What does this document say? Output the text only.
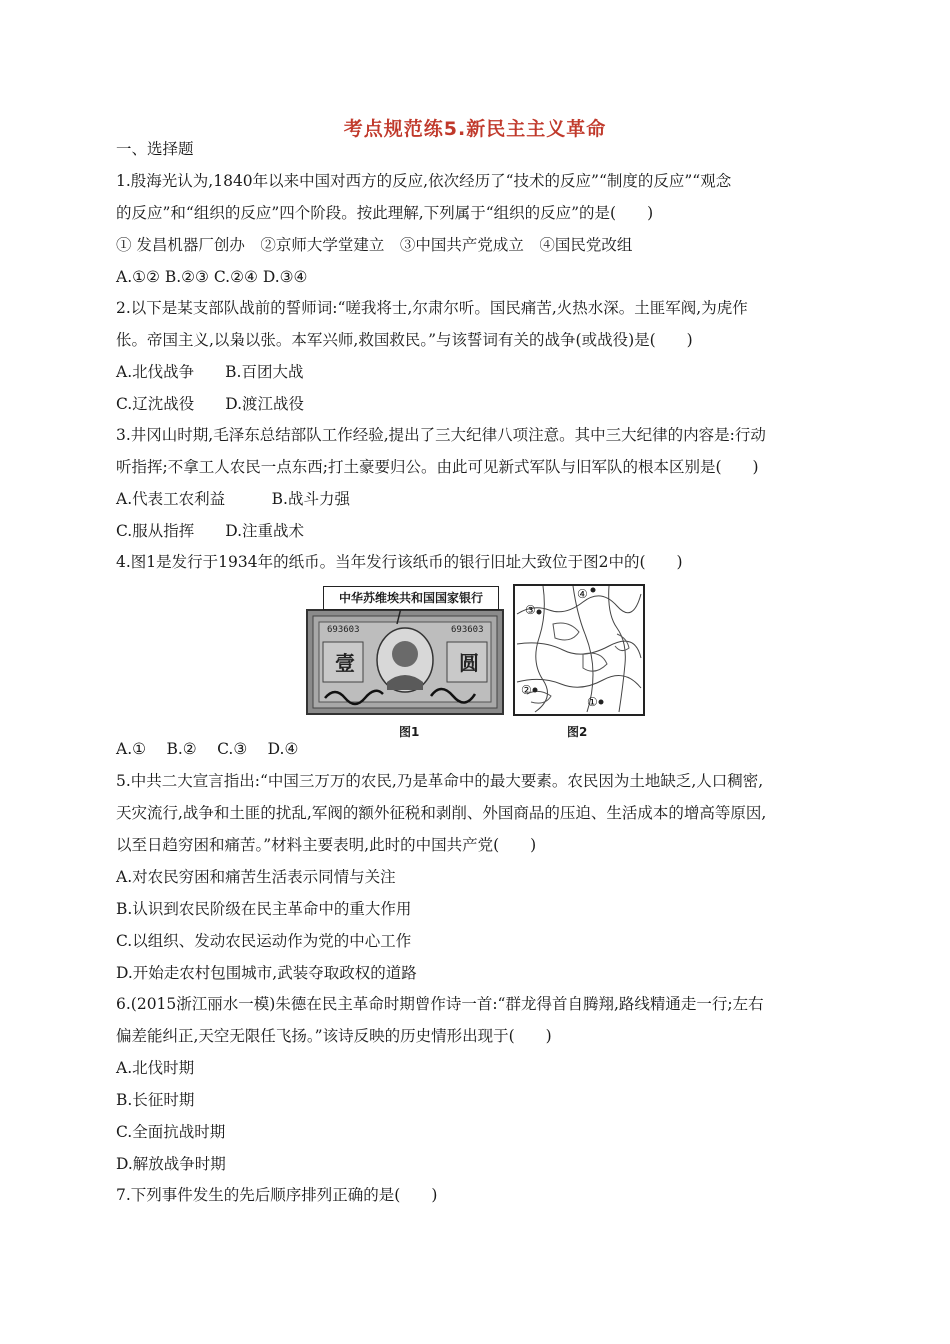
考点规范练5.新民主主义革命
一、选择题
1.殷海光认为,1840年以来中国对西方的反应,依次经历了“技术的反应”“制度的反应”“观念
的反应”和“组织的反应”四个阶段。按此理解,下列属于“组织的反应”的是(　　)
① 发昌机器厂创办　②京师大学堂建立　③中国共产党成立　④国民党改组
A.①② B.②③ C.②④ D.③④
2.以下是某支部队战前的誓师词:“嗟我将士,尔肃尔听。国民痛苦,火热水深。土匪军阀,为虎作
伥。帝国主义,以枭以张。本军兴师,救国救民。”与该誓词有关的战争(或战役)是(　　)
A.北伐战争　　B.百团大战
C.辽沈战役　　D.渡江战役
3.井冈山时期,毛泽东总结部队工作经验,提出了三大纪律八项注意。其中三大纪律的内容是:行动
听指挥;不拿工人农民一点东西;打土豪要归公。由此可见新式军队与旧军队的根本区别是(　　)
A.代表工农利益　　　B.战斗力强
C.服从指挥　　D.注重战术
4.图1是发行于1934年的纸币。当年发行该纸币的银行旧址大致位于图2中的(　　)
693603	693603
壹	圆
中华苏维埃共和国国家银行
③
④
②
①
图1	图2
A.①　 B.②　 C.③　 D.④
5.中共二大宣言指出:“中国三万万的农民,乃是革命中的最大要素。农民因为土地缺乏,人口稠密,
天灾流行,战争和土匪的扰乱,军阀的额外征税和剥削、外国商品的压迫、生活成本的增高等原因,
以至日趋穷困和痛苦。”材料主要表明,此时的中国共产党(　　)
A.对农民穷困和痛苦生活表示同情与关注
B.认识到农民阶级在民主革命中的重大作用
C.以组织、发动农民运动作为党的中心工作
D.开始走农村包围城市,武装夺取政权的道路
6.(2015浙江丽水一模)朱德在民主革命时期曾作诗一首:“群龙得首自腾翔,路线精通走一行;左右
偏差能纠正,天空无限任飞扬。”该诗反映的历史情形出现于(　　)
A.北伐时期
B.长征时期
C.全面抗战时期
D.解放战争时期
7.下列事件发生的先后顺序排列正确的是(　　)
